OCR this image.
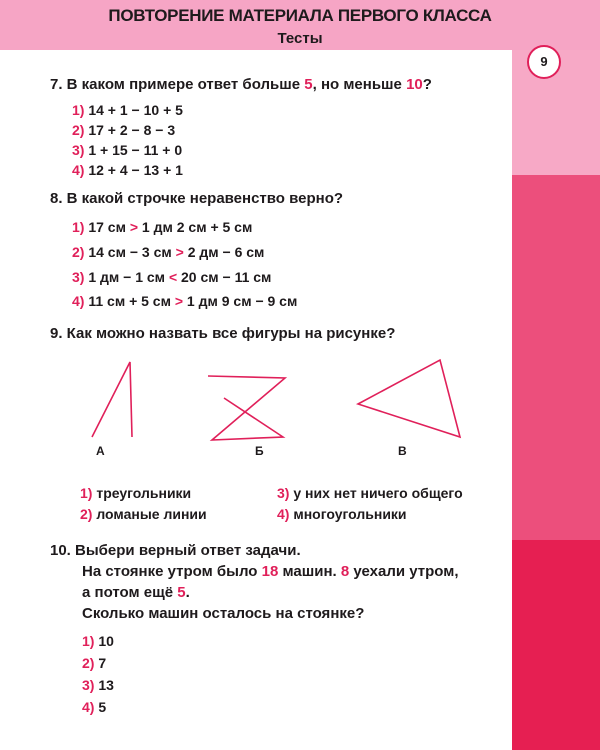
ПОВТОРЕНИЕ МАТЕРИАЛА ПЕРВОГО КЛАССА
Тесты
9
7. В каком примере ответ больше 5, но меньше 10?
1) 14 + 1 − 10 + 5
2) 17 + 2 − 8 − 3
3) 1 + 15 − 11 + 0
4) 12 + 4 − 13 + 1
8. В какой строчке неравенство верно?
1) 17 см > 1 дм 2 см + 5 см
2) 14 см − 3 см > 2 дм − 6 см
3) 1 дм − 1 см < 20 см − 11 см
4) 11 см + 5 см > 1 дм 9 см − 9 см
9. Как можно назвать все фигуры на рисунке?
А	Б	В
1) треугольники
2) ломаные линии
3) у них нет ничего общего
4) многоугольники
10. Выбери верный ответ задачи.
На стоянке утром было 18 машин. 8 уехали утром,
а потом ещё 5.
Сколько машин осталось на стоянке?
1) 10
2) 7
3) 13
4) 5
